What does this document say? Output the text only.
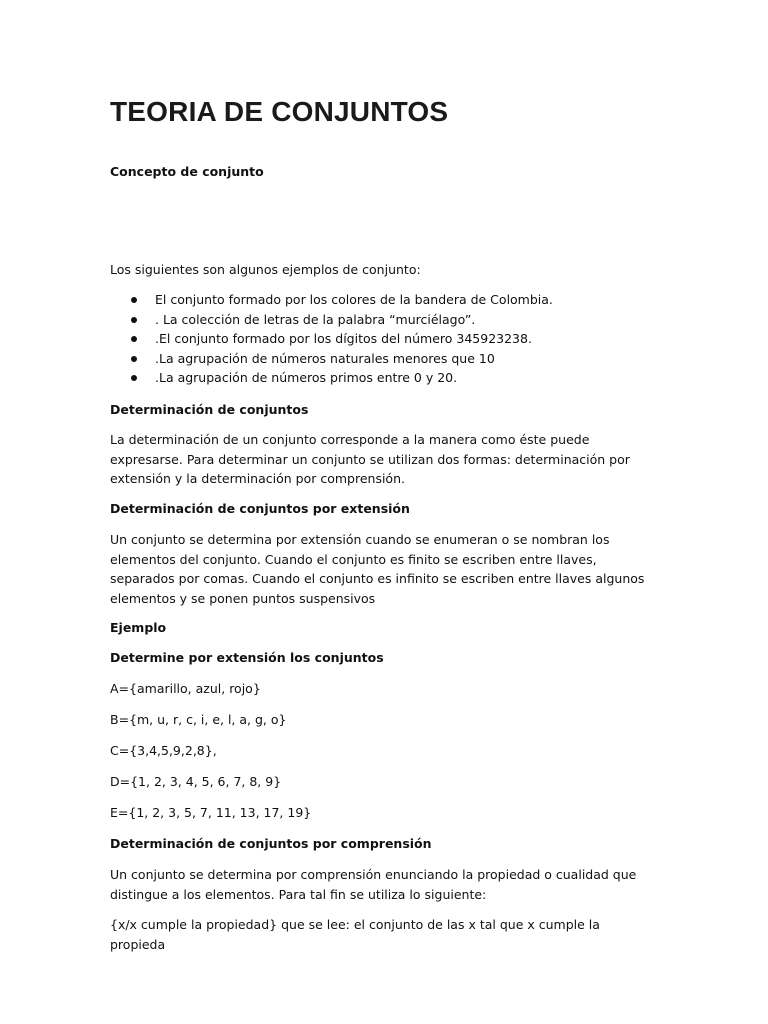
TEORIA DE CONJUNTOS

Concepto de conjunto

Los siguientes son algunos ejemplos de conjunto:

El conjunto formado por los colores de la bandera de Colombia.
. La colección de letras de la palabra “murciélago”.
.El conjunto formado por los dígitos del número 345923238.
.La agrupación de números naturales menores que 10
.La agrupación de números primos entre 0 y 20.

Determinación de conjuntos

La determinación de un conjunto corresponde a la manera como éste puede expresarse. Para determinar un conjunto se utilizan dos formas: determinación por extensión y la determinación por comprensión.

Determinación de conjuntos por extensión

Un conjunto se determina por extensión cuando se enumeran o se nombran los elementos del conjunto. Cuando el conjunto es finito se escriben entre llaves, separados por comas. Cuando el conjunto es infinito se escriben entre llaves algunos elementos y se ponen puntos suspensivos

Ejemplo

Determine por extensión los conjuntos

A={amarillo, azul, rojo}

B={m, u, r, c, i, e, l, a, g, o}

C={3,4,5,9,2,8},

D={1, 2, 3, 4, 5, 6, 7, 8, 9}

E={1, 2, 3, 5, 7, 11, 13, 17, 19}

Determinación de conjuntos por comprensión

Un conjunto se determina por comprensión enunciando la propiedad o cualidad que distingue a los elementos. Para tal fin se utiliza lo siguiente:

{x/x cumple la propiedad} que se lee: el conjunto de las x tal que x cumple la propieda
